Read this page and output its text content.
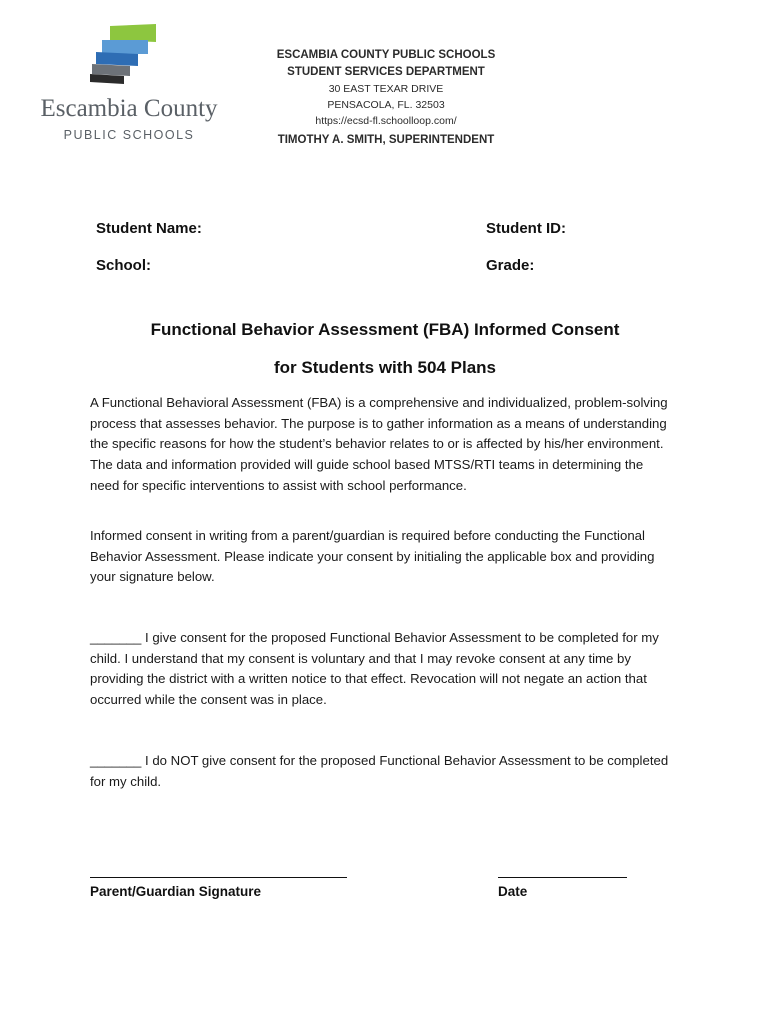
Escambia County
PUBLIC SCHOOLS
ESCAMBIA COUNTY PUBLIC SCHOOLS
STUDENT SERVICES DEPARTMENT
30 EAST TEXAR DRIVE
PENSACOLA, FL. 32503
https://ecsd-fl.schoolloop.com/
TIMOTHY A. SMITH, SUPERINTENDENT
Student Name:	Student ID:
School:	Grade:
Functional Behavior Assessment (FBA) Informed Consent
for Students with 504 Plans
A Functional Behavioral Assessment (FBA) is a comprehensive and individualized, problem-solving process that assesses behavior. The purpose is to gather information as a means of understanding the specific reasons for how the student’s behavior relates to or is affected by his/her environment. The data and information provided will guide school based MTSS/RTI teams in determining the need for specific interventions to assist with school performance.
Informed consent in writing from a parent/guardian is required before conducting the Functional Behavior Assessment. Please indicate your consent by initialing the applicable box and providing your signature below.
_______ I give consent for the proposed Functional Behavior Assessment to be completed for my child. I understand that my consent is voluntary and that I may revoke consent at any time by providing the district with a written notice to that effect. Revocation will not negate an action that occurred while the consent was in place.
_______ I do NOT give consent for the proposed Functional Behavior Assessment to be completed for my child.
Parent/Guardian Signature	Date
